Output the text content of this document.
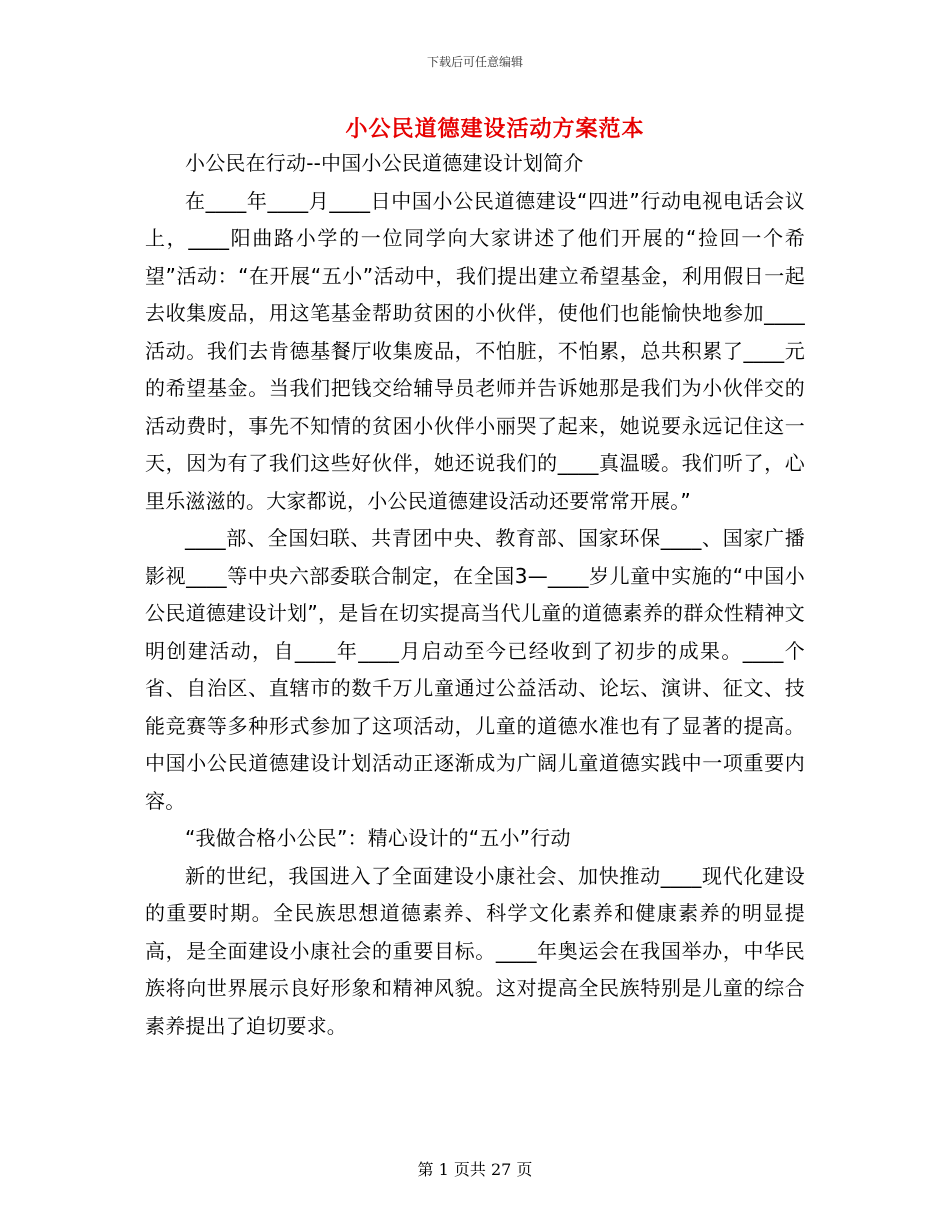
下载后可任意编辑
小公民道德建设活动方案范本

小公民在行动--中国小公民道德建设计划简介

在____年____月____日中国小公民道德建设“四进”行动电视电话会议上，____阳曲路小学的一位同学向大家讲述了他们开展的“捡回一个希望”活动：“在开展“五小”活动中，我们提出建立希望基金，利用假日一起去收集废品，用这笔基金帮助贫困的小伙伴，使他们也能愉快地参加____活动。我们去肯德基餐厅收集废品，不怕脏，不怕累，总共积累了____元的希望基金。当我们把钱交给辅导员老师并告诉她那是我们为小伙伴交的活动费时，事先不知情的贫困小伙伴小丽哭了起来，她说要永远记住这一天，因为有了我们这些好伙伴，她还说我们的____真温暖。我们听了，心里乐滋滋的。大家都说，小公民道德建设活动还要常常开展。”

____部、全国妇联、共青团中央、教育部、国家环保____、国家广播影视____等中央六部委联合制定，在全国3—____岁儿童中实施的“中国小公民道德建设计划”，是旨在切实提高当代儿童的道德素养的群众性精神文明创建活动，自____年____月启动至今已经收到了初步的成果。____个省、自治区、直辖市的数千万儿童通过公益活动、论坛、演讲、征文、技能竞赛等多种形式参加了这项活动，儿童的道德水准也有了显著的提高。中国小公民道德建设计划活动正逐渐成为广阔儿童道德实践中一项重要内容。

“我做合格小公民”：精心设计的“五小”行动

新的世纪，我国进入了全面建设小康社会、加快推动____现代化建设的重要时期。全民族思想道德素养、科学文化素养和健康素养的明显提高，是全面建设小康社会的重要目标。____年奥运会在我国举办，中华民族将向世界展示良好形象和精神风貌。这对提高全民族特别是儿童的综合素养提出了迫切要求。

第 1 页共 27 页
